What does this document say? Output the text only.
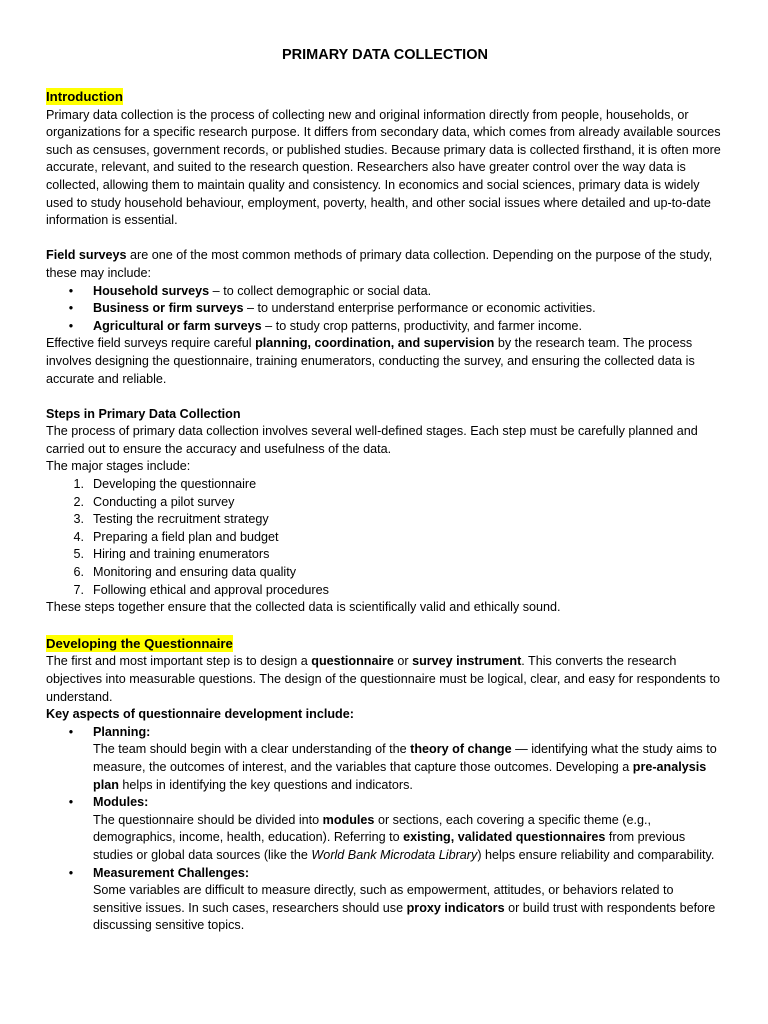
PRIMARY DATA COLLECTION
Introduction

Primary data collection is the process of collecting new and original information directly from people, households, or organizations for a specific research purpose. It differs from secondary data, which comes from already available sources such as censuses, government records, or published studies. Because primary data is collected firsthand, it is often more accurate, relevant, and suited to the research question. Researchers also have greater control over the way data is collected, allowing them to maintain quality and consistency. In economics and social sciences, primary data is widely used to study household behaviour, employment, poverty, health, and other social issues where detailed and up-to-date information is essential.

Field surveys are one of the most common methods of primary data collection. Depending on the purpose of the study, these may include:

• Household surveys – to collect demographic or social data.
• Business or firm surveys – to understand enterprise performance or economic activities.
• Agricultural or farm surveys – to study crop patterns, productivity, and farmer income.

Effective field surveys require careful planning, coordination, and supervision by the research team. The process involves designing the questionnaire, training enumerators, conducting the survey, and ensuring the collected data is accurate and reliable.

Steps in Primary Data Collection

The process of primary data collection involves several well-defined stages. Each step must be carefully planned and carried out to ensure the accuracy and usefulness of the data.

The major stages include:

1. Developing the questionnaire
2. Conducting a pilot survey
3. Testing the recruitment strategy
4. Preparing a field plan and budget
5. Hiring and training enumerators
6. Monitoring and ensuring data quality
7. Following ethical and approval procedures

These steps together ensure that the collected data is scientifically valid and ethically sound.

Developing the Questionnaire

The first and most important step is to design a questionnaire or survey instrument. This converts the research objectives into measurable questions. The design of the questionnaire must be logical, clear, and easy for respondents to understand.

Key aspects of questionnaire development include:

• Planning:
The team should begin with a clear understanding of the theory of change — identifying what the study aims to measure, the outcomes of interest, and the variables that capture those outcomes. Developing a pre-analysis plan helps in identifying the key questions and indicators.
• Modules:
The questionnaire should be divided into modules or sections, each covering a specific theme (e.g., demographics, income, health, education). Referring to existing, validated questionnaires from previous studies or global data sources (like the World Bank Microdata Library) helps ensure reliability and comparability.
• Measurement Challenges:
Some variables are difficult to measure directly, such as empowerment, attitudes, or behaviors related to sensitive issues. In such cases, researchers should use proxy indicators or build trust with respondents before discussing sensitive topics.
